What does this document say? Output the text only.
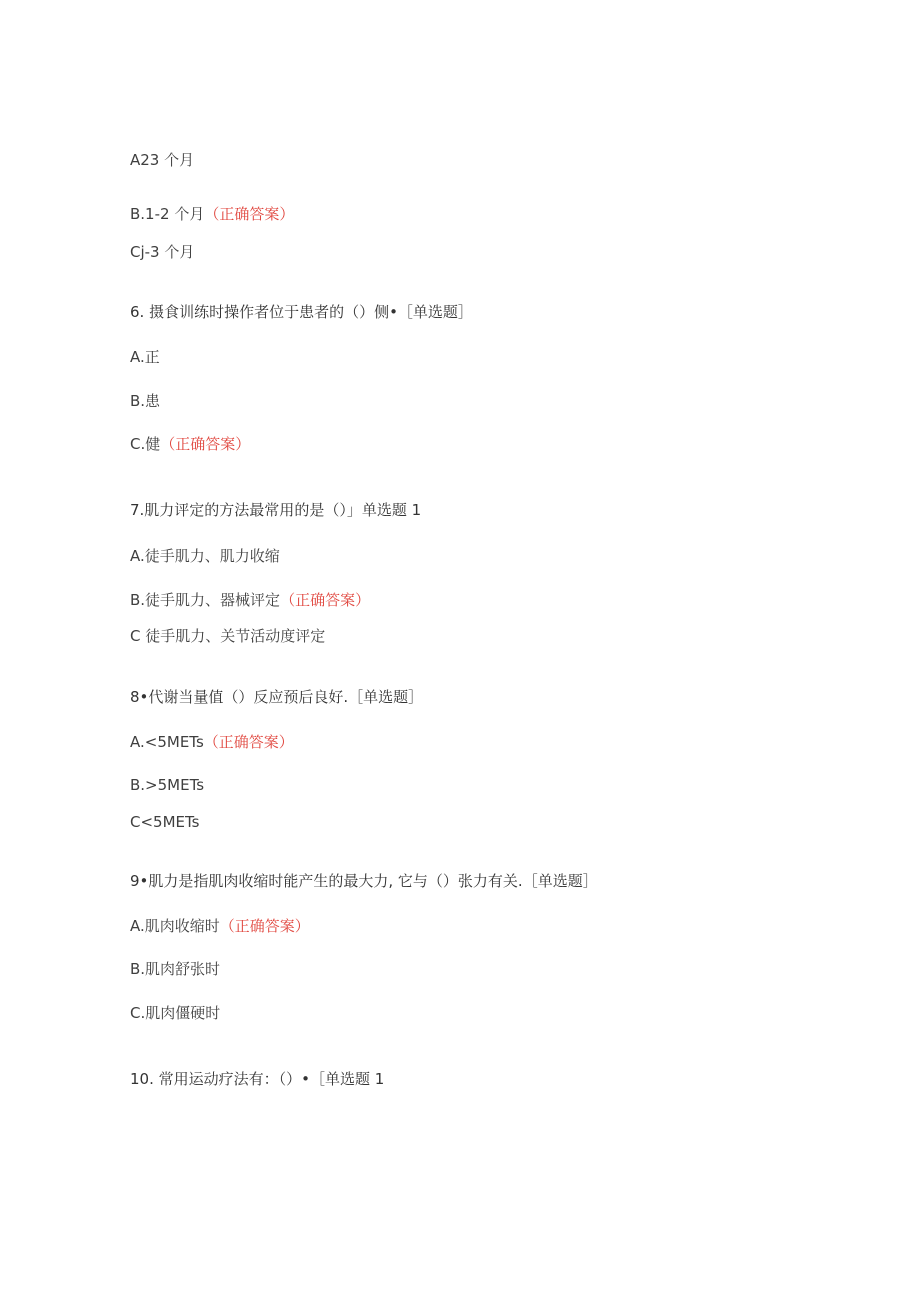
A23 个月
B.1-2 个月（正确答案）
Cj-3 个月
6. 摄食训练时操作者位于患者的（）侧•［单选题］
A.正
B.患
C.健（正确答案）
7.肌力评定的方法最常用的是（）」单选题 1
A.徒手肌力、肌力收缩
B.徒手肌力、器械评定（正确答案）
C 徒手肌力、关节活动度评定
8•代谢当量值（）反应预后良好.［单选题］
A.<5METs（正确答案）
B.>5METs
C<5METs
9•肌力是指肌肉收缩时能产生的最大力, 它与（）张力有关.［单选题］
A.肌肉收缩时（正确答案）
B.肌肉舒张时
C.肌肉僵硬时
10. 常用运动疗法有：（）•［单选题 1
